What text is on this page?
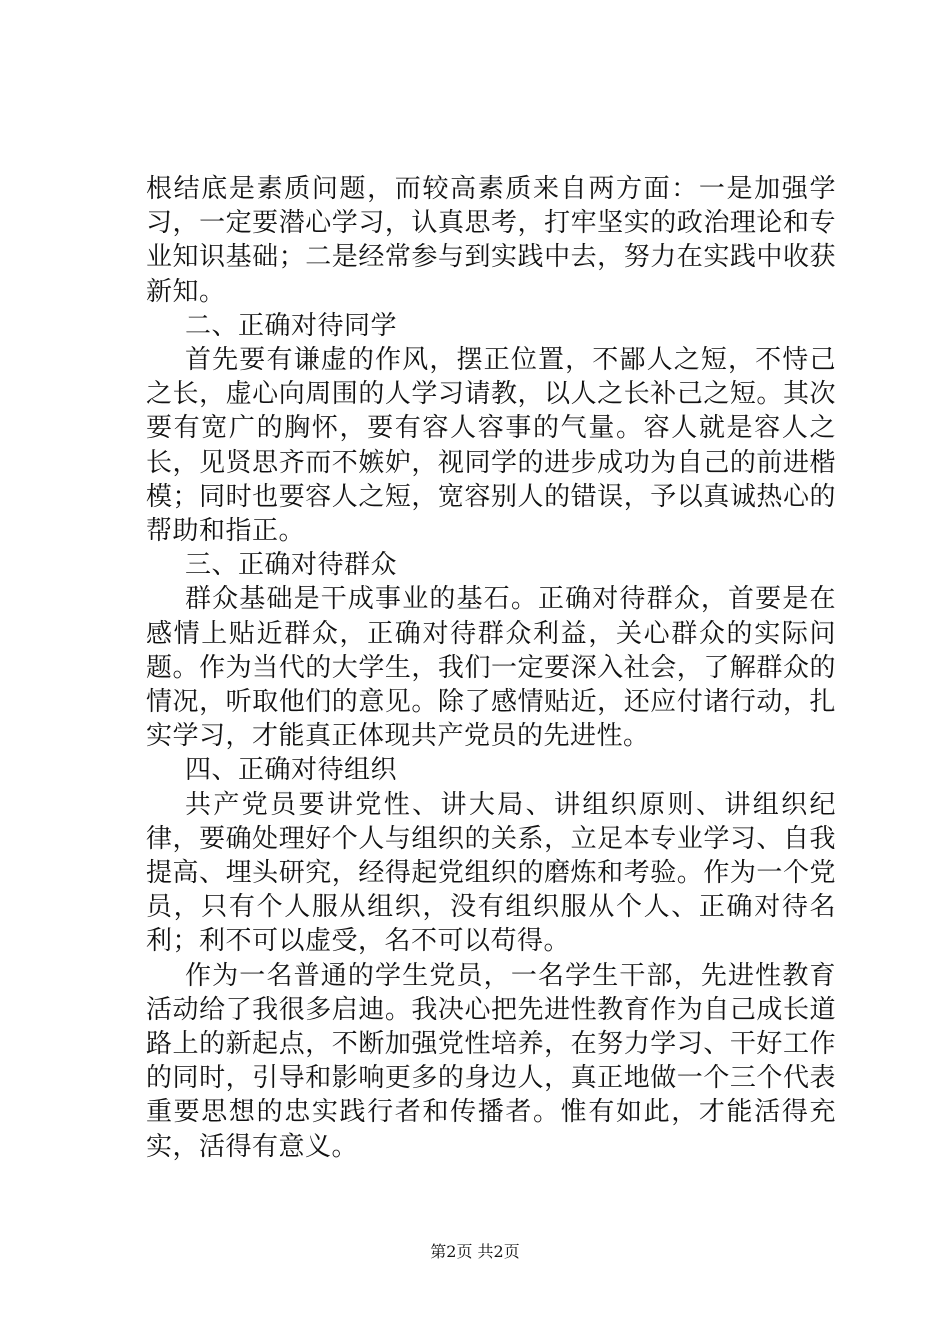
根结底是素质问题，而较高素质来自两方面：一是加强学习，一定要潜心学习，认真思考，打牢坚实的政治理论和专业知识基础；二是经常参与到实践中去，努力在实践中收获新知。

二、正确对待同学

首先要有谦虚的作风，摆正位置，不鄙人之短，不恃己之长，虚心向周围的人学习请教，以人之长补己之短。其次要有宽广的胸怀，要有容人容事的气量。容人就是容人之长，见贤思齐而不嫉妒，视同学的进步成功为自己的前进楷模；同时也要容人之短，宽容别人的错误，予以真诚热心的帮助和指正。

三、正确对待群众

群众基础是干成事业的基石。正确对待群众，首要是在感情上贴近群众，正确对待群众利益，关心群众的实际问题。作为当代的大学生，我们一定要深入社会，了解群众的情况，听取他们的意见。除了感情贴近，还应付诸行动，扎实学习，才能真正体现共产党员的先进性。

四、正确对待组织

共产党员要讲党性、讲大局、讲组织原则、讲组织纪律，要确处理好个人与组织的关系，立足本专业学习、自我提高、埋头研究，经得起党组织的磨炼和考验。作为一个党员，只有个人服从组织，没有组织服从个人、正确对待名利；利不可以虚受，名不可以苟得。

作为一名普通的学生党员，一名学生干部，先进性教育活动给了我很多启迪。我决心把先进性教育作为自己成长道路上的新起点，不断加强党性培养，在努力学习、干好工作的同时，引导和影响更多的身边人，真正地做一个三个代表重要思想的忠实践行者和传播者。惟有如此，才能活得充实，活得有意义。

第2页 共2页
